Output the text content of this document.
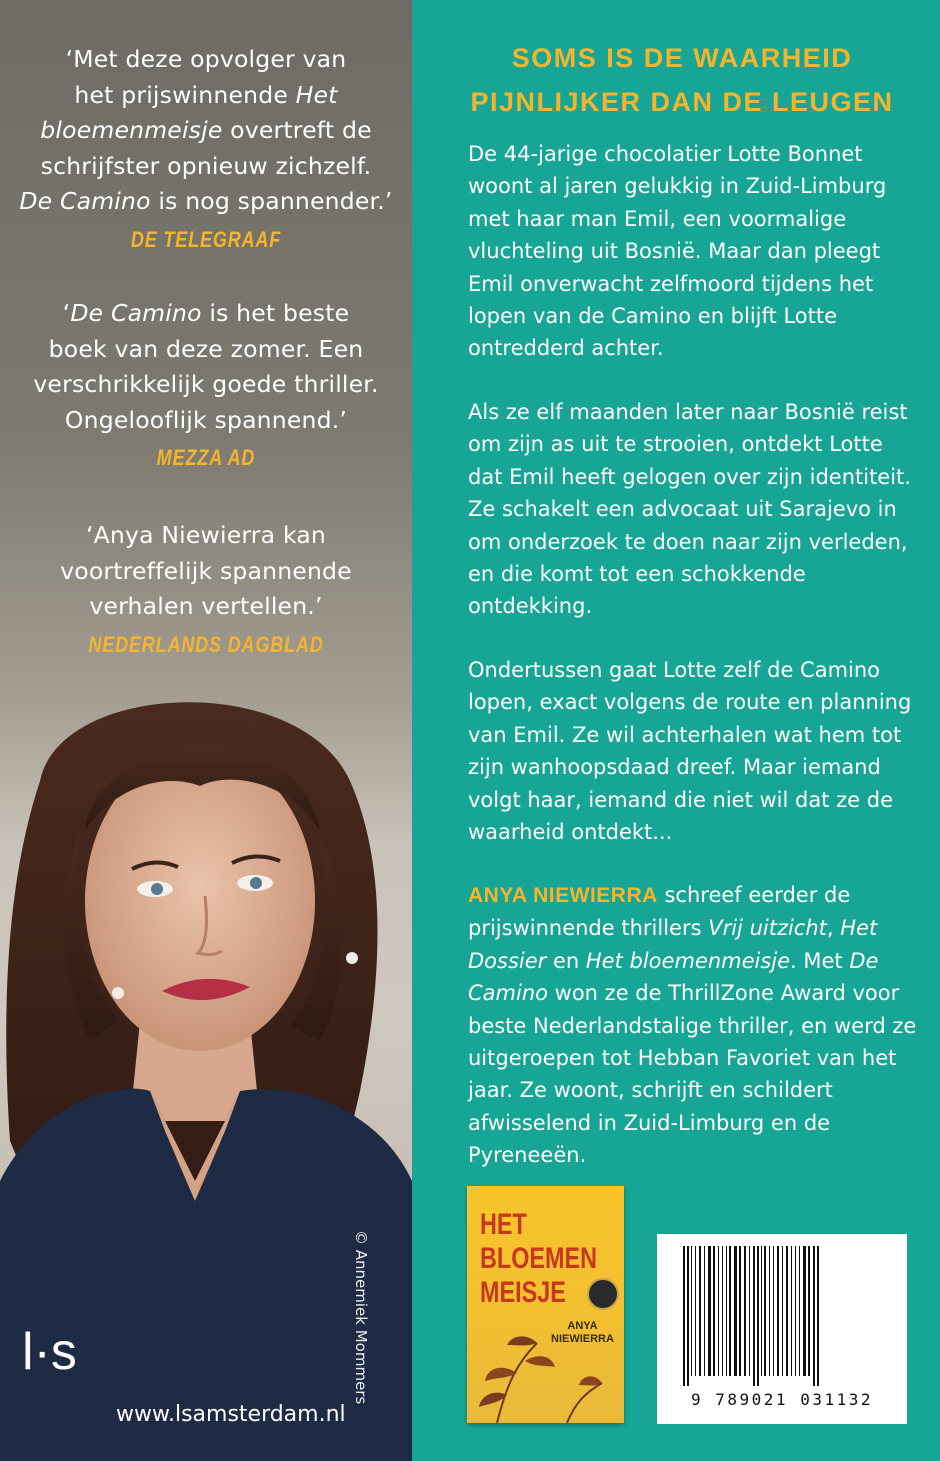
‘Met deze opvolger van
het prijswinnende Het
bloemenmeisje overtreft de
schrijfster opnieuw zichzelf.
De Camino is nog spannender.’
DE TELEGRAAF
‘De Camino is het beste
boek van deze zomer. Een
verschrikkelijk goede thriller.
Ongelooflijk spannend.’
MEZZA AD
‘Anya Niewierra kan
voortreffelijk spannende
verhalen vertellen.’
NEDERLANDS DAGBLAD
© Annemiek Mommers
l·s
www.lsamsterdam.nl
SOMS IS DE WAARHEID
PIJNLIJKER DAN DE LEUGEN

De 44-jarige chocolatier Lotte Bonnet woont al jaren gelukkig in Zuid-Limburg met haar man Emil, een voormalige vluchteling uit Bosnië. Maar dan pleegt Emil onverwacht zelfmoord tijdens het lopen van de Camino en blijft Lotte ontredderd achter.

Als ze elf maanden later naar Bosnië reist om zijn as uit te strooien, ontdekt Lotte dat Emil heeft gelogen over zijn identiteit. Ze schakelt een advocaat uit Sarajevo in om onderzoek te doen naar zijn verleden, en die komt tot een schokkende ontdekking.

Ondertussen gaat Lotte zelf de Camino lopen, exact volgens de route en planning van Emil. Ze wil achterhalen wat hem tot zijn wanhoopsdaad dreef. Maar iemand volgt haar, iemand die niet wil dat ze de waarheid ontdekt...

ANYA NIEWIERRA schreef eerder de prijswinnende thrillers Vrij uitzicht, Het Dossier en Het bloemenmeisje. Met De Camino won ze de ThrillZone Award voor beste Nederlandstalige thriller, en werd ze uitgeroepen tot Hebban Favoriet van het jaar. Ze woont, schrijft en schildert afwisselend in Zuid-Limburg en de Pyreneeën.

HET
BLOEMEN
MEISJE
ANYA
NIEWIERRA
9 789021 031132
